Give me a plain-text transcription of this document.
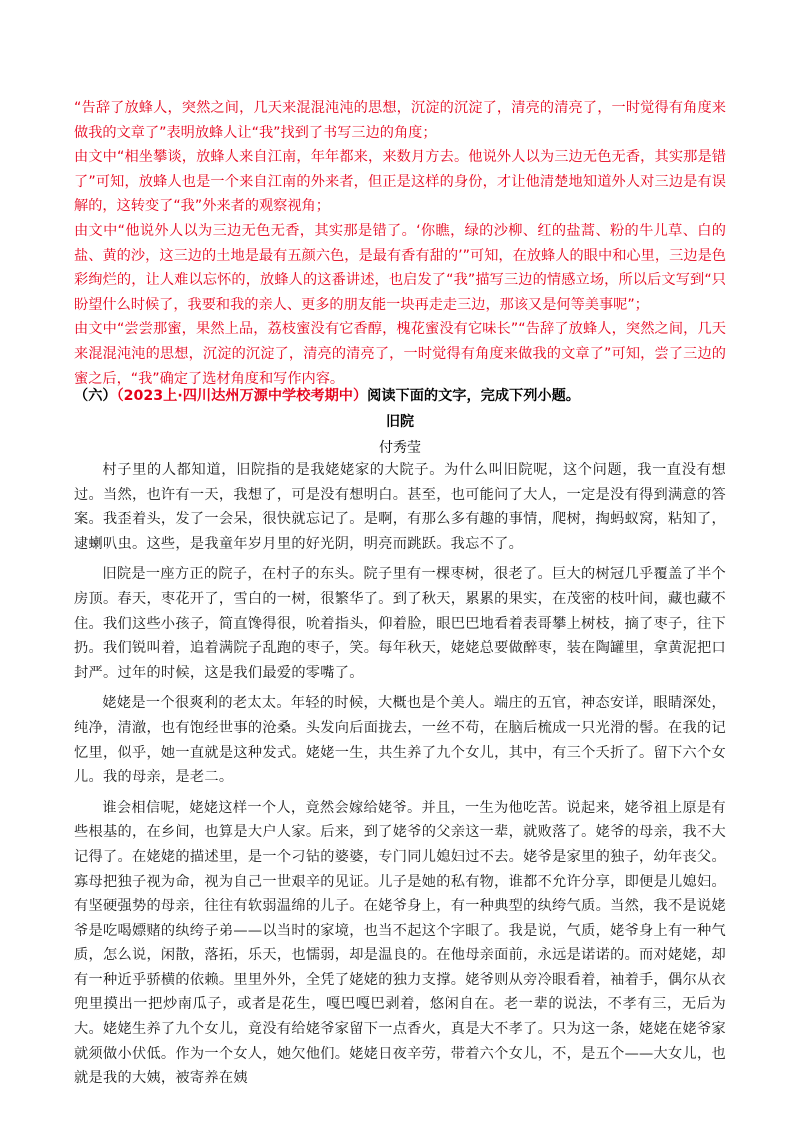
“告辞了放蜂人，突然之间，几天来混混沌沌的思想，沉淀的沉淀了，清亮的清亮了，一时觉得有角度来做我的文章了”表明放蜂人让“我”找到了书写三边的角度；

由文中“相坐攀谈，放蜂人来自江南，年年都来，来数月方去。他说外人以为三边无色无香，其实那是错了”可知，放蜂人也是一个来自江南的外来者，但正是这样的身份，才让他清楚地知道外人对三边是有误解的，这转变了“我”外来者的观察视角；

由文中“他说外人以为三边无色无香，其实那是错了。‘你瞧，绿的沙柳、红的盐蒿、粉的牛儿草、白的盐、黄的沙，这三边的土地是最有五颜六色，是最有香有甜的’”可知，在放蜂人的眼中和心里，三边是色彩绚烂的，让人难以忘怀的，放蜂人的这番讲述，也启发了“我”描写三边的情感立场，所以后文写到“只盼望什么时候了，我要和我的亲人、更多的朋友能一块再走走三边，那该又是何等美事呢”；

由文中“尝尝那蜜，果然上品，荔枝蜜没有它香醇，槐花蜜没有它味长”“告辞了放蜂人，突然之间，几天来混混沌沌的思想，沉淀的沉淀了，清亮的清亮了，一时觉得有角度来做我的文章了”可知，尝了三边的蜜之后，“我”确定了选材角度和写作内容。

（六）（2023上·四川达州万源中学校考期中）阅读下面的文字，完成下列小题。
旧院
付秀莹

村子里的人都知道，旧院指的是我姥姥家的大院子。为什么叫旧院呢，这个问题，我一直没有想过。当然，也许有一天，我想了，可是没有想明白。甚至，也可能问了大人，一定是没有得到满意的答案。我歪着头，发了一会呆，很快就忘记了。是啊，有那么多有趣的事情，爬树，掏蚂蚁窝，粘知了，逮蝲叭虫。这些，是我童年岁月里的好光阴，明亮而跳跃。我忘不了。

旧院是一座方正的院子，在村子的东头。院子里有一棵枣树，很老了。巨大的树冠几乎覆盖了半个房顶。春天，枣花开了，雪白的一树，很繁华了。到了秋天，累累的果实，在茂密的枝叶间，藏也藏不住。我们这些小孩子，简直馋得很，吮着指头，仰着脸，眼巴巴地看着表哥攀上树枝，摘了枣子，往下扔。我们锐叫着，追着满院子乱跑的枣子，笑。每年秋天，姥姥总要做醉枣，装在陶罐里，拿黄泥把口封严。过年的时候，这是我们最爱的零嘴了。

姥姥是一个很爽利的老太太。年轻的时候，大概也是个美人。端庄的五官，神态安详，眼睛深处，纯净，清澈，也有饱经世事的沧桑。头发向后面拢去，一丝不苟，在脑后梳成一只光滑的髻。在我的记忆里，似乎，她一直就是这种发式。姥姥一生，共生养了九个女儿，其中，有三个夭折了。留下六个女儿。我的母亲，是老二。

谁会相信呢，姥姥这样一个人，竟然会嫁给姥爷。并且，一生为他吃苦。说起来，姥爷祖上原是有些根基的，在乡间，也算是大户人家。后来，到了姥爷的父亲这一辈，就败落了。姥爷的母亲，我不大记得了。在姥姥的描述里，是一个刁钻的婆婆，专门同儿媳妇过不去。姥爷是家里的独子，幼年丧父。寡母把独子视为命，视为自己一世艰辛的见证。儿子是她的私有物，谁都不允许分享，即便是儿媳妇。有坚硬强势的母亲，往往有软弱温绵的儿子。在姥爷身上，有一种典型的纨绔气质。当然，我不是说姥爷是吃喝嫖赌的纨绔子弟——以当时的家境，也当不起这个字眼了。我是说，气质，姥爷身上有一种气质，怎么说，闲散，落拓，乐天，也懦弱，却是温良的。在他母亲面前，永远是诺诺的。而对姥姥，却有一种近乎骄横的依赖。里里外外，全凭了姥姥的独力支撑。姥爷则从旁冷眼看着，袖着手，偶尔从衣兜里摸出一把炒南瓜子，或者是花生，嘎巴嘎巴剥着，悠闲自在。老一辈的说法，不孝有三，无后为大。姥姥生养了九个女儿，竟没有给姥爷家留下一点香火，真是大不孝了。只为这一条，姥姥在姥爷家就须做小伏低。作为一个女人，她欠他们。姥姥日夜辛劳，带着六个女儿，不，是五个——大女儿，也就是我的大姨，被寄养在姨
